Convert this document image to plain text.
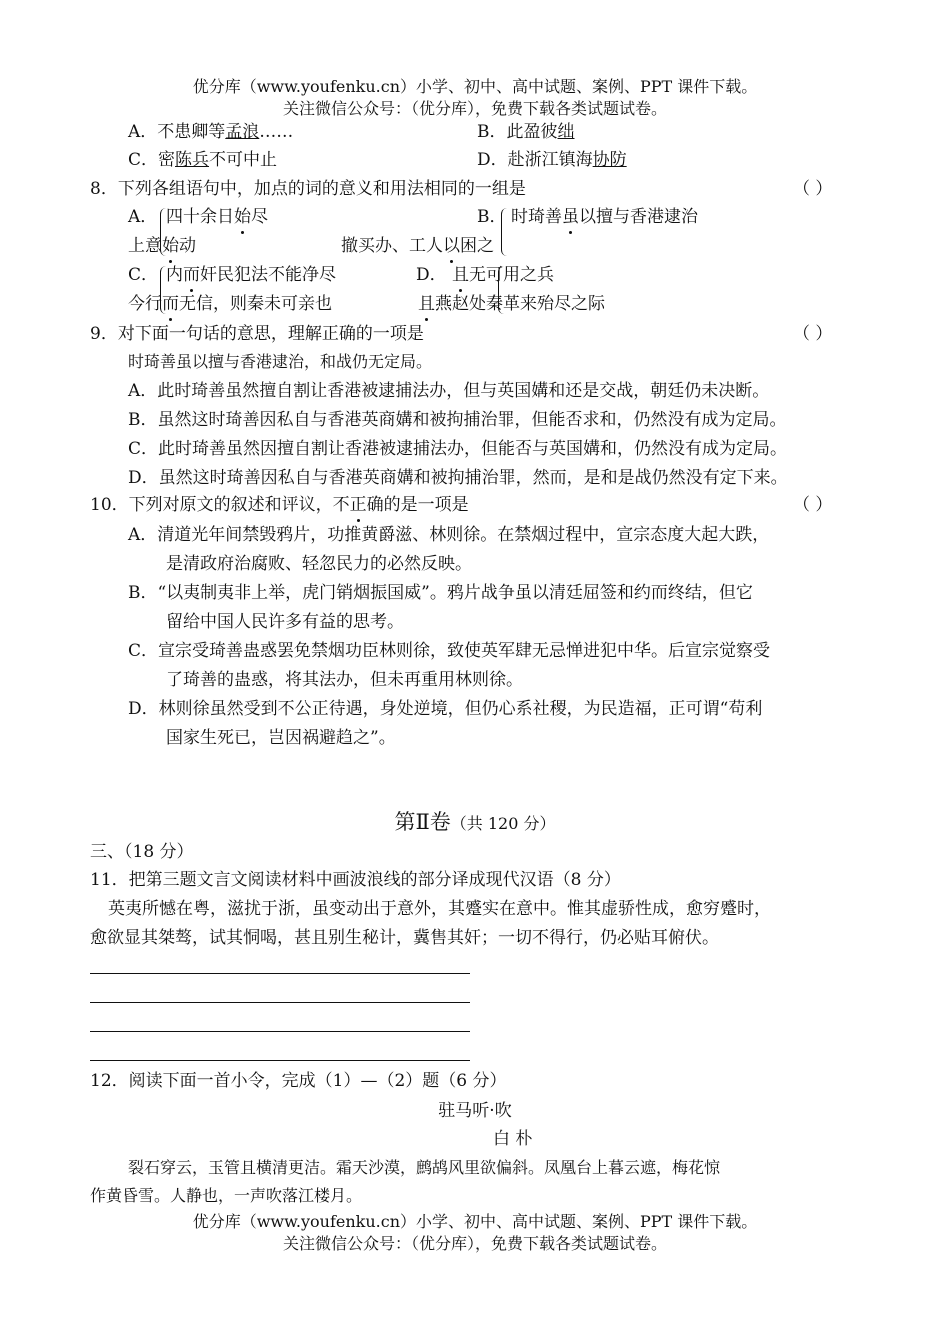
优分库（www.youfenku.cn）小学、初中、高中试题、案例、PPT 课件下载。
关注微信公众号：（优分库），免费下载各类试题试卷。
A．不患卿等孟浪……	B．此盈彼绌
C．密陈兵不可中止	D．赴浙江镇海协防
8．下列各组语句中，加点的词的意义和用法相同的一组是	（ ）
A． 四十余日始尽
上意始动
B． 时琦善虽以擅与香港逮治
撤买办、工人以困之
C． 内而奸民犯法不能净尽
今行而无信，则秦未可亲也
D． 且无可用之兵
且燕赵处秦革来殆尽之际
9．对下面一句话的意思，理解正确的一项是	（ ）
时琦善虽以擅与香港逮治，和战仍无定局。
A．此时琦善虽然擅自割让香港被逮捕法办，但与英国媾和还是交战，朝廷仍未决断。
B．虽然这时琦善因私自与香港英商媾和被拘捕治罪，但能否求和，仍然没有成为定局。
C．此时琦善虽然因擅自割让香港被逮捕法办，但能否与英国媾和，仍然没有成为定局。
D．虽然这时琦善因私自与香港英商媾和被拘捕治罪，然而，是和是战仍然没有定下来。
10．下列对原文的叙述和评议，不正确的是一项是	（ ）
A．清道光年间禁毁鸦片，功推黄爵滋、林则徐。在禁烟过程中，宣宗态度大起大跌，
是清政府治腐败、轻忽民力的必然反映。
B．“以夷制夷非上举，虎门销烟振国威”。鸦片战争虽以清廷屈签和约而终结，但它
留给中国人民许多有益的思考。
C．宣宗受琦善蛊惑罢免禁烟功臣林则徐，致使英军肆无忌惮进犯中华。后宣宗觉察受
了琦善的蛊惑，将其法办，但未再重用林则徐。
D．林则徐虽然受到不公正待遇，身处逆境，但仍心系社稷，为民造福，正可谓“苟利
国家生死已，岂因祸避趋之”。
第Ⅱ卷（共 120 分）
三、（18 分）
11．把第三题文言文阅读材料中画波浪线的部分译成现代汉语（8 分）
英夷所憾在粤，滋扰于浙，虽变动出于意外，其蹙实在意中。惟其虚骄性成，愈穷蹙时，
愈欲显其桀骜，试其恫喝，甚且别生秘计，冀售其奸；一切不得行，仍必贴耳俯伏。
12．阅读下面一首小令，完成（1）—（2）题（6 分）
驻马听·吹
白 朴
裂石穿云，玉管且横清更洁。霜天沙漠，鹧鸪风里欲偏斜。凤凰台上暮云遮，梅花惊
作黄昏雪。人静也，一声吹落江楼月。
优分库（www.youfenku.cn）小学、初中、高中试题、案例、PPT 课件下载。
关注微信公众号：（优分库），免费下载各类试题试卷。
